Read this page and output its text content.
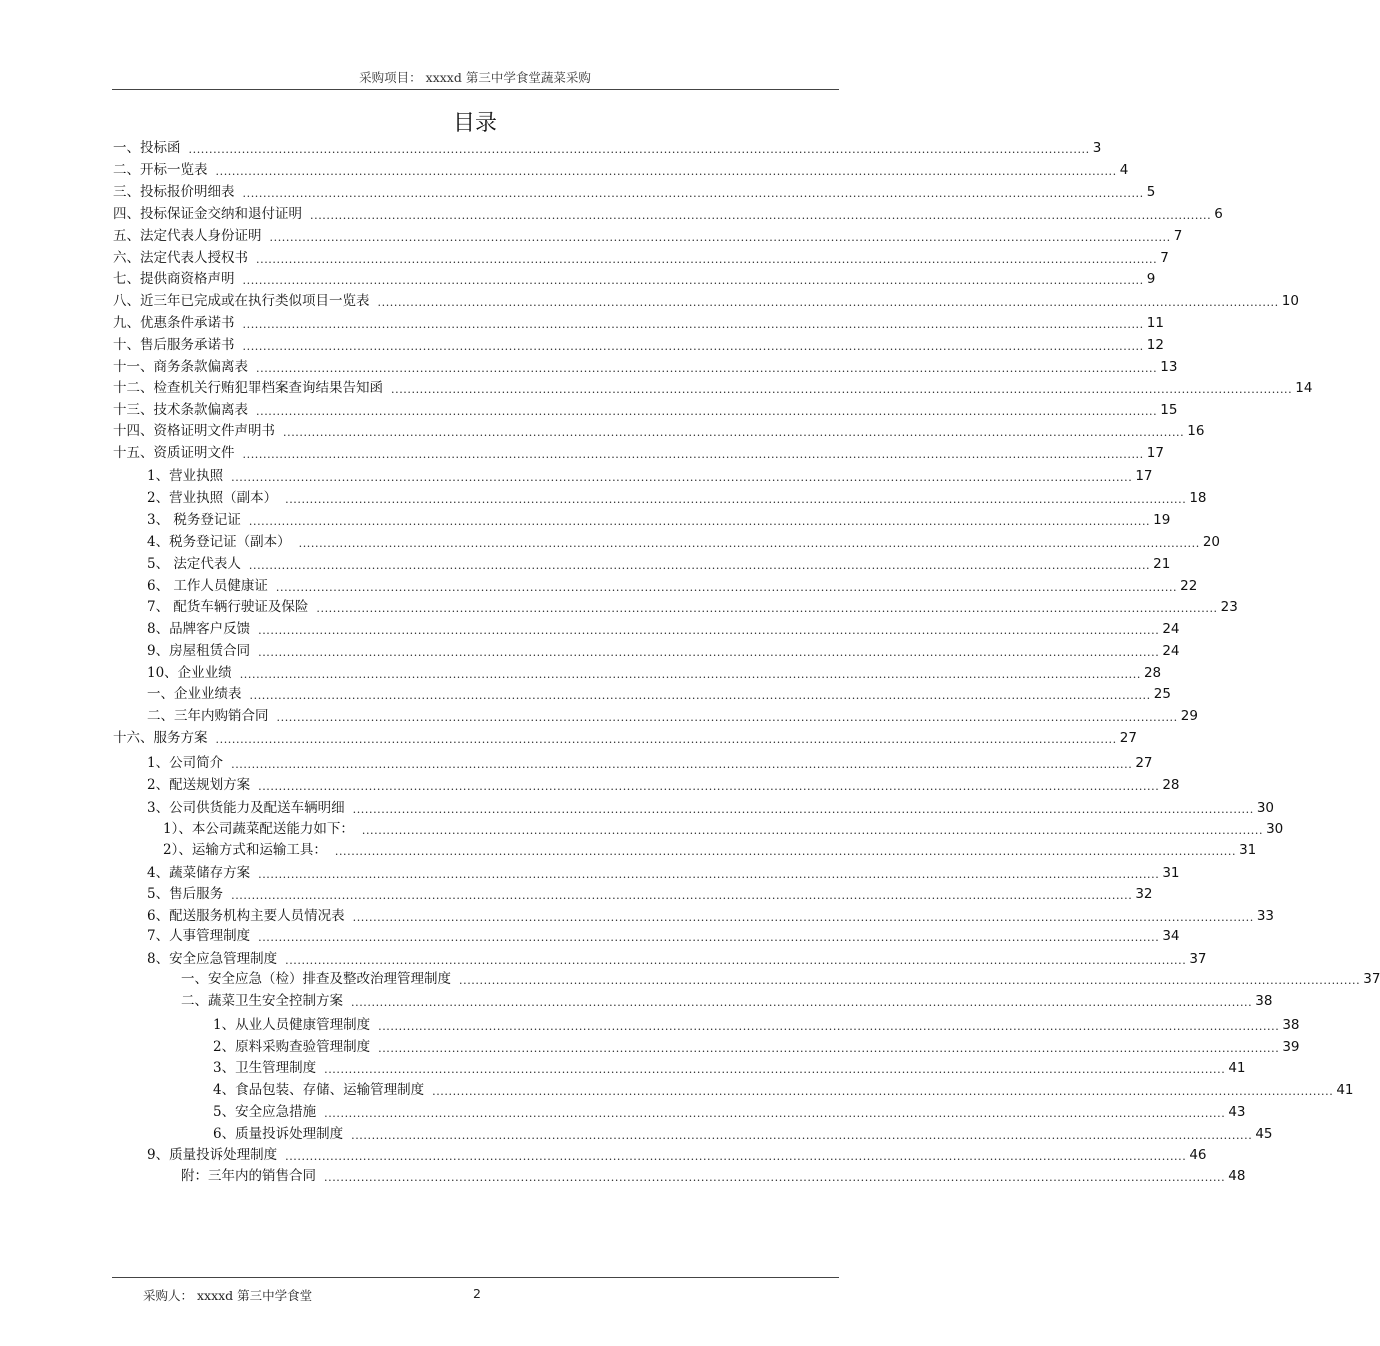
采购项目： xxxxd 第三中学食堂蔬菜采购
目录
一、投标函 ............................................................................................................................................................................................................................ 3
二、开标一览表 ............................................................................................................................................................................................................................ 4
三、投标报价明细表 ............................................................................................................................................................................................................................ 5
四、投标保证金交纳和退付证明 ............................................................................................................................................................................................................................ 6
五、法定代表人身份证明 ............................................................................................................................................................................................................................ 7
六、法定代表人授权书 ............................................................................................................................................................................................................................ 7
七、提供商资格声明 ............................................................................................................................................................................................................................ 9
八、近三年已完成或在执行类似项目一览表 ............................................................................................................................................................................................................................ 10
九、优惠条件承诺书 ............................................................................................................................................................................................................................ 11
十、售后服务承诺书 ............................................................................................................................................................................................................................ 12
十一、商务条款偏离表 ............................................................................................................................................................................................................................ 13
十二、检查机关行贿犯罪档案查询结果告知函 ............................................................................................................................................................................................................................ 14
十三、技术条款偏离表 ............................................................................................................................................................................................................................ 15
十四、资格证明文件声明书 ............................................................................................................................................................................................................................ 16
十五、资质证明文件 ............................................................................................................................................................................................................................ 17
1、营业执照 ............................................................................................................................................................................................................................ 17
2、营业执照（副本） ............................................................................................................................................................................................................................ 18
3、 税务登记证 ............................................................................................................................................................................................................................ 19
4、税务登记证（副本） ............................................................................................................................................................................................................................ 20
5、 法定代表人 ............................................................................................................................................................................................................................ 21
6、 工作人员健康证 ............................................................................................................................................................................................................................ 22
7、 配货车辆行驶证及保险 ............................................................................................................................................................................................................................ 23
8、品牌客户反馈 ............................................................................................................................................................................................................................ 24
9、房屋租赁合同 ............................................................................................................................................................................................................................ 24
10、企业业绩 ............................................................................................................................................................................................................................ 28
一、企业业绩表 ............................................................................................................................................................................................................................ 25
二、三年内购销合同 ............................................................................................................................................................................................................................ 29
十六、服务方案 ............................................................................................................................................................................................................................ 27
1、公司简介 ............................................................................................................................................................................................................................ 27
2、配送规划方案 ............................................................................................................................................................................................................................ 28
3、公司供货能力及配送车辆明细 ............................................................................................................................................................................................................................ 30
1）、本公司蔬菜配送能力如下： ............................................................................................................................................................................................................................ 30
2）、运输方式和运输工具： ............................................................................................................................................................................................................................ 31
4、蔬菜储存方案 ............................................................................................................................................................................................................................ 31
5、售后服务 ............................................................................................................................................................................................................................ 32
6、配送服务机构主要人员情况表 ............................................................................................................................................................................................................................ 33
7、人事管理制度 ............................................................................................................................................................................................................................ 34
8、安全应急管理制度 ............................................................................................................................................................................................................................ 37
一、安全应急（检）排查及整改治理管理制度 ............................................................................................................................................................................................................................ 37
二、蔬菜卫生安全控制方案 ............................................................................................................................................................................................................................ 38
1、从业人员健康管理制度 ............................................................................................................................................................................................................................ 38
2、原料采购查验管理制度 ............................................................................................................................................................................................................................ 39
3、卫生管理制度 ............................................................................................................................................................................................................................ 41
4、食品包装、存储、运输管理制度 ............................................................................................................................................................................................................................ 41
5、安全应急措施 ............................................................................................................................................................................................................................ 43
6、质量投诉处理制度 ............................................................................................................................................................................................................................ 45
9、质量投诉处理制度 ............................................................................................................................................................................................................................ 46
附：三年内的销售合同 ............................................................................................................................................................................................................................ 48
采购人： xxxxd 第三中学食堂	2
